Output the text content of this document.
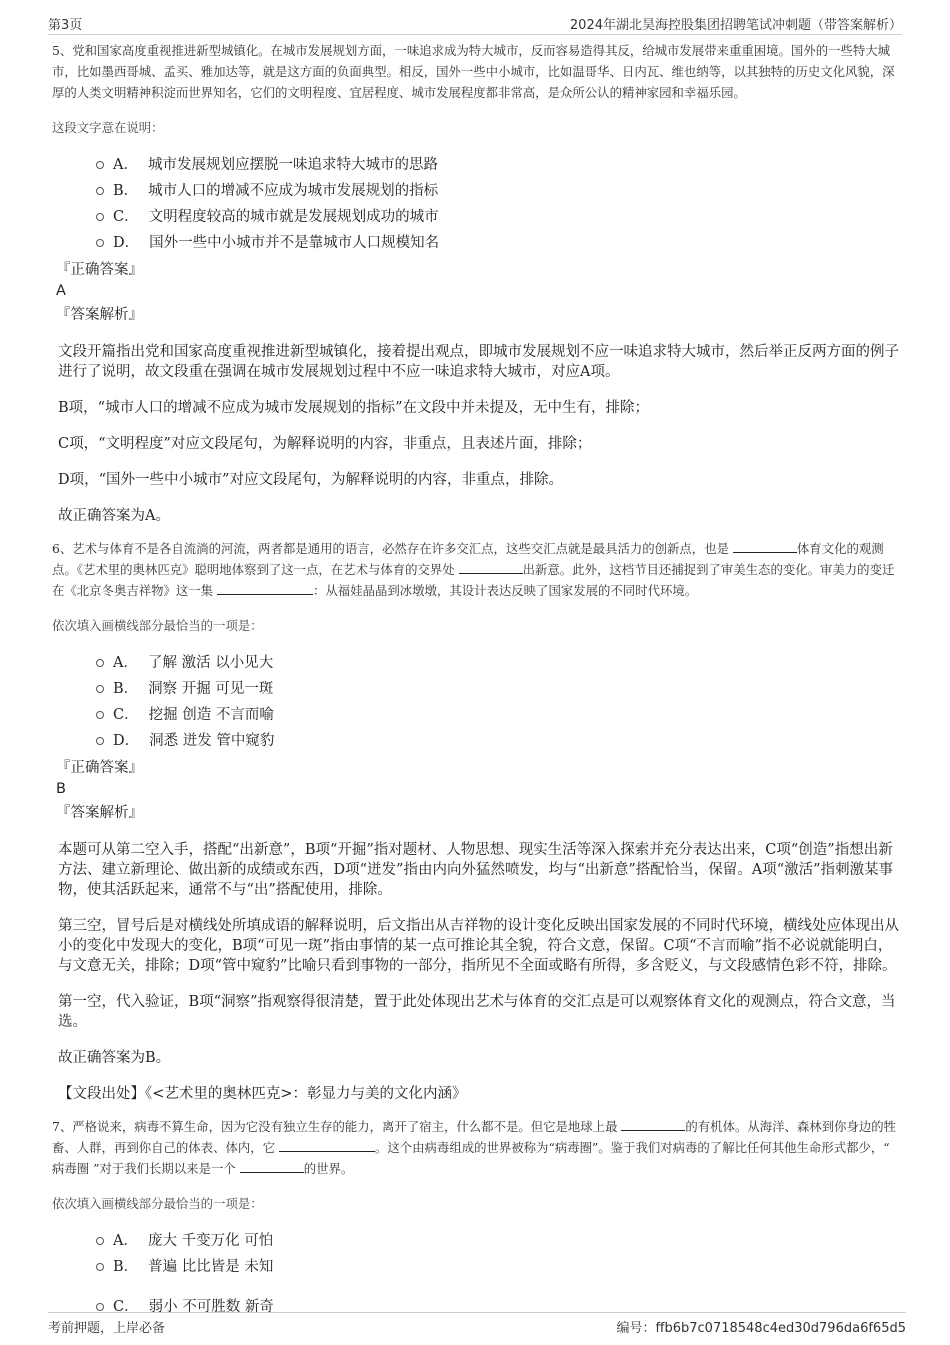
第3页	2024年湖北昊海控股集团招聘笔试冲刺题（带答案解析）

5、党和国家高度重视推进新型城镇化。在城市发展规划方面，一味追求成为特大城市，反而容易造得其反，给城市发展带来重重困境。国外的一些特大城市，比如墨西哥城、孟买、雅加达等，就是这方面的负面典型。相反，国外一些中小城市，比如温哥华、日内瓦、维也纳等，以其独特的历史文化风貌，深厚的人类文明精神积淀而世界知名，它们的文明程度、宜居程度、城市发展程度都非常高，是众所公认的精神家园和幸福乐园。

这段文字意在说明：

A． 城市发展规划应摆脱一味追求特大城市的思路
B． 城市人口的增减不应成为城市发展规划的指标
C． 文明程度较高的城市就是发展规划成功的城市
D． 国外一些中小城市并不是靠城市人口规模知名
『正确答案』
A
『答案解析』

文段开篇指出党和国家高度重视推进新型城镇化，接着提出观点，即城市发展规划不应一味追求特大城市，然后举正反两方面的例子进行了说明，故文段重在强调在城市发展规划过程中不应一味追求特大城市，对应A项。

B项，“城市人口的增减不应成为城市发展规划的指标”在文段中并未提及，无中生有，排除；

C项，“文明程度”对应文段尾句，为解释说明的内容，非重点，且表述片面，排除；

D项，“国外一些中小城市”对应文段尾句，为解释说明的内容，非重点，排除。

故正确答案为A。

6、艺术与体育不是各自流淌的河流，两者都是通用的语言，必然存在许多交汇点，这些交汇点就是最具活力的创新点，也是	体育文化的观测点。《艺术里的奥林匹克》聪明地体察到了这一点，在艺术与体育的交界处	出新意。此外，这档节目还捕捉到了审美生态的变化。审美力的变迁在《北京冬奥吉祥物》这一集	：从福娃晶晶到冰墩墩，其设计表达反映了国家发展的不同时代环境。

依次填入画横线部分最恰当的一项是：

A． 了解 激活 以小见大
B． 洞察 开掘 可见一斑
C． 挖掘 创造 不言而喻
D． 洞悉 迸发 管中窥豹
『正确答案』
B
『答案解析』

本题可从第二空入手，搭配“出新意”，B项“开掘”指对题材、人物思想、现实生活等深入探索并充分表达出来，C项“创造”指想出新方法、建立新理论、做出新的成绩或东西，D项“迸发”指由内向外猛然喷发，均与“出新意”搭配恰当，保留。A项“激活”指刺激某事物，使其活跃起来，通常不与“出”搭配使用，排除。

第三空，冒号后是对横线处所填成语的解释说明，后文指出从吉祥物的设计变化反映出国家发展的不同时代环境，横线处应体现出从小的变化中发现大的变化，B项“可见一斑”指由事情的某一点可推论其全貌，符合文意，保留。C项“不言而喻”指不必说就能明白，与文意无关，排除；D项“管中窥豹”比喻只看到事物的一部分，指所见不全面或略有所得，多含贬义，与文段感情色彩不符，排除。

第一空，代入验证，B项“洞察”指观察得很清楚，置于此处体现出艺术与体育的交汇点是可以观察体育文化的观测点，符合文意，当选。

故正确答案为B。

【文段出处】《<艺术里的奥林匹克>：彰显力与美的文化内涵》

7、严格说来，病毒不算生命，因为它没有独立生存的能力，离开了宿主，什么都不是。但它是地球上最	的有机体。从海洋、森林到你身边的牲畜、人群，再到你自己的体表、体内，它	。这个由病毒组成的世界被称为“病毒圈”。鉴于我们对病毒的了解比任何其他生命形式都少，“ 病毒圈 ”对于我们长期以来是一个	的世界。

依次填入画横线部分最恰当的一项是：

A． 庞大 千变万化 可怕
B． 普遍 比比皆是 未知
C． 弱小 不可胜数 新奇
考前押题，上岸必备	编号：ffb6b7c0718548c4ed30d796da6f65d5
